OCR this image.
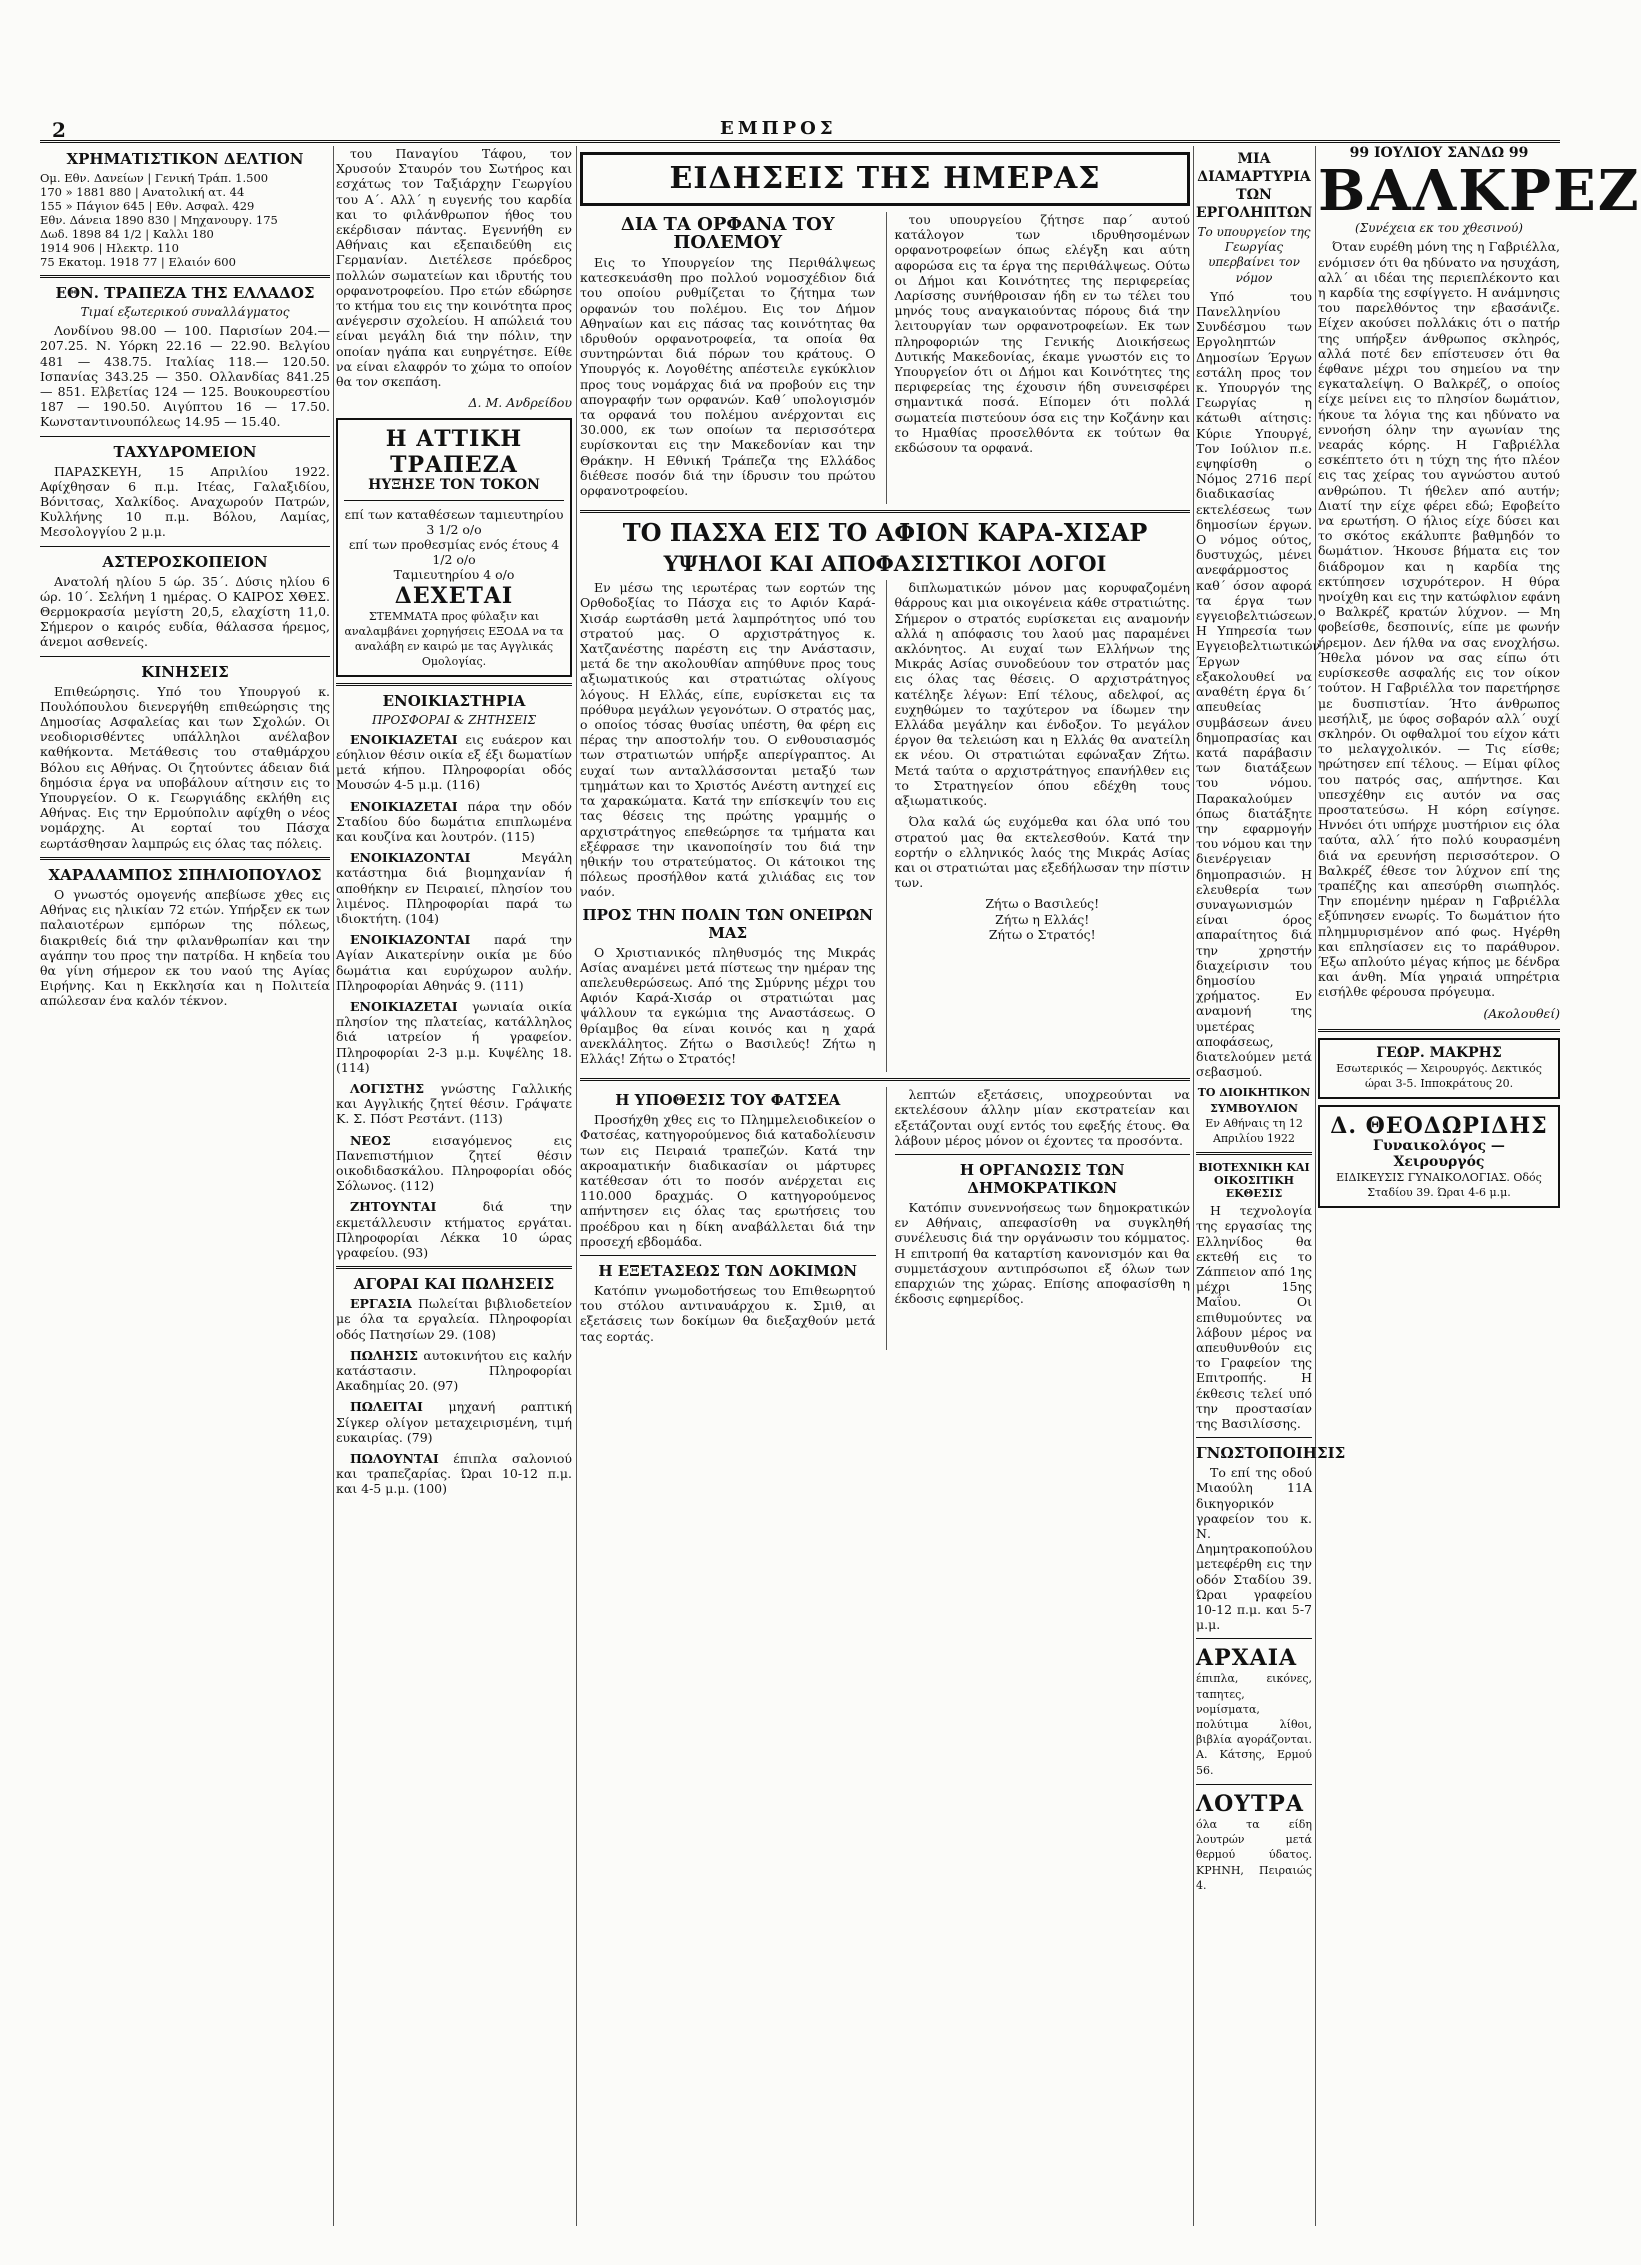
2	ΕΜΠΡΟΣ
ΧΡΗΜΑΤΙΣΤΙΚΟΝ ΔΕΛΤΙΟΝ
Ομ. Εθν. Δανείων | Γενική Τράπ. 1.500
170 » 1881 880 | Ανατολική ατ. 44
155 » Πάγιον 645 | Εθν. Ασφαλ. 429
Εθν. Δάνεια 1890 830 | Μηχανουργ. 175
Δωδ. 1898 84 1/2 | Καλλι 180
1914 906 | Ηλεκτρ. 110
75 Εκατομ. 1918 77 | Ελαιόν 600
ΕΘΝ. ΤΡΑΠΕΖΑ ΤΗΣ ΕΛΛΑΔΟΣ
Τιμαί εξωτερικού συναλλάγματος

Λονδίνου 98.00 — 100. Παρισίων 204.— 207.25. Ν. Υόρκη 22.16 — 22.90. Βελγίου 481 — 438.75. Ιταλίας 118.— 120.50. Ισπανίας 343.25 — 350. Ολλανδίας 841.25 — 851. Ελβετίας 124 — 125. Βουκουρεστίου 187 — 190.50. Αιγύπτου 16 — 17.50. Κωνσταντινουπόλεως 14.95 — 15.40.

ΤΑΧΥΔΡΟΜΕΙΟΝ

ΠΑΡΑΣΚΕΥΗ, 15 Απριλίου 1922. Αφίχθησαν 6 π.μ. Ιτέας, Γαλαξιδίου, Βόνιτσας, Χαλκίδος. Αναχωρούν Πατρών, Κυλλήνης 10 π.μ. Βόλου, Λαμίας, Μεσολογγίου 2 μ.μ.

ΑΣΤΕΡΟΣΚΟΠΕΙΟΝ

Ανατολή ηλίου 5 ώρ. 35΄. Δύσις ηλίου 6 ώρ. 10΄. Σελήνη 1 ημέρας. Ο ΚΑΙΡΟΣ ΧΘΕΣ. Θερμοκρασία μεγίστη 20,5, ελαχίστη 11,0. Σήμερον ο καιρός ευδία, θάλασσα ήρεμος, άνεμοι ασθενείς.

ΚΙΝΗΣΕΙΣ

Επιθεώρησις. Υπό του Υπουργού κ. Πουλόπουλου διενεργήθη επιθεώρησις της Δημοσίας Ασφαλείας και των Σχολών. Οι νεοδιορισθέντες υπάλληλοι ανέλαβον καθήκοντα. Μετάθεσις του σταθμάρχου Βόλου εις Αθήνας. Οι ζητούντες άδειαν διά δημόσια έργα να υποβάλουν αίτησιν εις το Υπουργείον. Ο κ. Γεωργιάδης εκλήθη εις Αθήνας. Εις την Ερμούπολιν αφίχθη ο νέος νομάρχης. Αι εορταί του Πάσχα εωρτάσθησαν λαμπρώς εις όλας τας πόλεις.

ΧΑΡΑΛΑΜΠΟΣ ΣΠΗΛΙΟΠΟΥΛΟΣ

Ο γνωστός ομογενής απεβίωσε χθες εις Αθήνας εις ηλικίαν 72 ετών. Υπήρξεν εκ των παλαιοτέρων εμπόρων της πόλεως, διακριθείς διά την φιλανθρωπίαν και την αγάπην του προς την πατρίδα. Η κηδεία του θα γίνη σήμερον εκ του ναού της Αγίας Ειρήνης. Και η Εκκλησία και η Πολιτεία απώλεσαν ένα καλόν τέκνον.

του Παναγίου Τάφου, τον Χρυσούν Σταυρόν του Σωτήρος και εσχάτως τον Ταξιάρχην Γεωργίου του Α΄. Αλλ΄ η ευγενής του καρδία και το φιλάνθρωπον ήθος του εκέρδισαν πάντας. Εγεννήθη εν Αθήναις και εξεπαιδεύθη εις Γερμανίαν. Διετέλεσε πρόεδρος πολλών σωματείων και ιδρυτής του ορφανοτροφείου. Προ ετών εδώρησε το κτήμα του εις την κοινότητα προς ανέγερσιν σχολείου. Η απώλειά του είναι μεγάλη διά την πόλιν, την οποίαν ηγάπα και ευηργέτησε. Είθε να είναι ελαφρόν το χώμα το οποίον θα τον σκεπάση.

Δ. Μ. Ανδρείδου
Η ΑΤΤΙΚΗ ΤΡΑΠΕΖΑ
ΗΥΞΗΣΕ ΤΟΝ ΤΟΚΟΝ
επί των καταθέσεων ταμιευτηρίου 3 1/2 ο/ο
επί των προθεσμίας ενός έτους 4 1/2 ο/ο
Ταμιευτηρίου 4 ο/ο
ΔΕΧΕΤΑΙ
ΣΤΕΜΜΑΤΑ προς φύλαξιν και αναλαμβάνει χορηγήσεις ΕΞΟΔΑ να τα αναλάβη εν καιρώ με τας Αγγλικάς Ομολογίας.
ΕΝΟΙΚΙΑΣΤΗΡΙΑ
ΠΡΟΣΦΟΡΑΙ & ΖΗΤΗΣΕΙΣ

ΕΝΟΙΚΙΑΖΕΤΑΙ εις ευάερον και εύηλιον θέσιν οικία εξ έξι δωματίων μετά κήπου. Πληροφορίαι οδός Μουσών 4-5 μ.μ. (116)

ΕΝΟΙΚΙΑΖΕΤΑΙ πάρα την οδόν Σταδίου δύο δωμάτια επιπλωμένα και κουζίνα και λουτρόν. (115)

ΕΝΟΙΚΙΑΖΟΝΤΑΙ	Μεγάλη κατάστημα διά βιομηχανίαν ή αποθήκην εν Πειραιεί, πλησίον του λιμένος. Πληροφορίαι παρά τω ιδιοκτήτη. (104)

ΕΝΟΙΚΙΑΖΟΝΤΑΙ παρά την Αγίαν Αικατερίνην οικία με δύο δωμάτια και ευρύχωρον αυλήν. Πληροφορίαι Αθηνάς 9. (111)

ΕΝΟΙΚΙΑΖΕΤΑΙ γωνιαία οικία πλησίον της πλατείας, κατάλληλος διά ιατρείον ή γραφείον. Πληροφορίαι 2-3 μ.μ. Κυψέλης 18. (114)

ΛΟΓΙΣΤΗΣ γνώστης Γαλλικής και Αγγλικής ζητεί θέσιν. Γράψατε Κ. Σ. Πόστ Ρεστάντ. (113)

ΝΕΟΣ	εισαγόμενος εις Πανεπιστήμιον ζητεί θέσιν οικοδιδασκάλου. Πληροφορίαι οδός Σόλωνος. (112)

ΖΗΤΟΥΝΤΑΙ	διά την εκμετάλλευσιν κτήματος εργάται. Πληροφορίαι Λέκκα 10 ώρας γραφείου. (93)

ΑΓΟΡΑΙ ΚΑΙ ΠΩΛΗΣΕΙΣ

ΕΡΓΑΣΙΑ Πωλείται βιβλιοδετείον με όλα τα εργαλεία. Πληροφορίαι οδός Πατησίων 29. (108)

ΠΩΛΗΣΙΣ αυτοκινήτου εις καλήν κατάστασιν. Πληροφορίαι Ακαδημίας 20. (97)

ΠΩΛΕΙΤΑΙ μηχανή ραπτική Σίγκερ ολίγον μεταχειρισμένη, τιμή ευκαιρίας. (79)

ΠΩΛΟΥΝΤΑΙ έπιπλα σαλονιού και τραπεζαρίας. Ώραι 10-12 π.μ. και 4-5 μ.μ. (100)

ΕΙΔΗΣΕΙΣ ΤΗΣ ΗΜΕΡΑΣ
ΔΙΑ ΤΑ ΟΡΦΑΝΑ ΤΟΥ ΠΟΛΕΜΟΥ

Εις το Υπουργείον της Περιθάλψεως κατεσκευάσθη προ πολλού νομοσχέδιον διά του οποίου ρυθμίζεται το ζήτημα των ορφανών του πολέμου. Εις τον Δήμον Αθηναίων και εις πάσας τας κοινότητας θα ιδρυθούν ορφανοτροφεία, τα οποία θα συντηρώνται διά πόρων του κράτους. Ο Υπουργός κ. Λογοθέτης απέστειλε εγκύκλιον προς τους νομάρχας διά να προβούν εις την απογραφήν των ορφανών. Καθ΄ υπολογισμόν τα ορφανά του πολέμου ανέρχονται εις 30.000, εκ των οποίων τα περισσότερα ευρίσκονται εις την Μακεδονίαν και την Θράκην. Η Εθνική Τράπεζα της Ελλάδος διέθεσε ποσόν διά την ίδρυσιν του πρώτου ορφανοτροφείου.

του υπουργείου ζήτησε παρ΄ αυτού κατάλογον των ιδρυθησομένων ορφανοτροφείων όπως ελέγξη και αύτη αφορώσα εις τα έργα της περιθάλψεως. Ούτω οι Δήμοι και Κοινότητες της περιφερείας Λαρίσσης συνήθροισαν ήδη εν τω τέλει του μηνός τους αναγκαιούντας πόρους διά την λειτουργίαν των ορφανοτροφείων. Εκ των πληροφοριών της Γενικής Διοικήσεως Δυτικής Μακεδονίας, έκαμε γνωστόν εις το Υπουργείον ότι οι Δήμοι και Κοινότητες της περιφερείας της έχουσιν ήδη συνεισφέρει σημαντικά ποσά. Είπομεν ότι πολλά σωματεία πιστεύουν όσα εις την Κοζάνην και το Ημαθίας προσελθόντα εκ τούτων θα εκδώσουν τα ορφανά.

ΤΟ ΠΑΣΧΑ ΕΙΣ ΤΟ ΑΦΙΟΝ ΚΑΡΑ-ΧΙΣΑΡ
ΥΨΗΛΟΙ ΚΑΙ ΑΠΟΦΑΣΙΣΤΙΚΟΙ ΛΟΓΟΙ

Εν μέσω της ιερωτέρας των εορτών της Ορθοδοξίας το Πάσχα εις το Αφιόν Καρά-Χισάρ εωρτάσθη μετά λαμπρότητος υπό του στρατού μας. Ο αρχιστράτηγος κ. Χατζανέστης παρέστη εις την Ανάστασιν, μετά δε την ακολουθίαν απηύθυνε προς τους αξιωματικούς και στρατιώτας ολίγους λόγους. Η Ελλάς, είπε, ευρίσκεται εις τα πρόθυρα μεγάλων γεγονότων. Ο στρατός μας, ο οποίος τόσας θυσίας υπέστη, θα φέρη εις πέρας την αποστολήν του. Ο ενθουσιασμός των στρατιωτών υπήρξε απερίγραπτος. Αι ευχαί των ανταλλάσσονται μεταξύ των τμημάτων και το Χριστός Ανέστη αντηχεί εις τα χαρακώματα. Κατά την επίσκεψίν του εις τας θέσεις της πρώτης γραμμής ο αρχιστράτηγος επεθεώρησε τα τμήματα και εξέφρασε την ικανοποίησίν του διά την ηθικήν του στρατεύματος. Οι κάτοικοι της πόλεως προσήλθον κατά χιλιάδας εις τον ναόν.

ΠΡΟΣ ΤΗΝ ΠΟΛΙΝ ΤΩΝ ΟΝΕΙΡΩΝ ΜΑΣ

Ο Χριστιανικός πληθυσμός της Μικράς Ασίας αναμένει μετά πίστεως την ημέραν της απελευθερώσεως. Από της Σμύρνης μέχρι του Αφιόν Καρά-Χισάρ οι στρατιώται μας ψάλλουν τα εγκώμια της Αναστάσεως. Ο θρίαμβος θα είναι κοινός και η χαρά ανεκλάλητος. Ζήτω ο Βασιλεύς! Ζήτω η Ελλάς! Ζήτω ο Στρατός!

διπλωματικών μόνον μας κορυφαζομένη θάρρους και μια οικογένεια κάθε στρατιώτης. Σήμερον ο στρατός ευρίσκεται εις αναμονήν αλλά η απόφασις του λαού μας παραμένει ακλόνητος. Αι ευχαί των Ελλήνων της Μικράς Ασίας συνοδεύουν τον στρατόν μας εις όλας τας θέσεις. Ο αρχιστράτηγος κατέληξε λέγων: Επί τέλους, αδελφοί, ας ευχηθώμεν το ταχύτερον να ίδωμεν την Ελλάδα μεγάλην και ένδοξον. Το μεγάλον έργον θα τελειώση και η Ελλάς θα ανατείλη εκ νέου. Οι στρατιώται εφώναξαν Ζήτω. Μετά ταύτα ο αρχιστράτηγος επανήλθεν εις το Στρατηγείον όπου εδέχθη τους αξιωματικούς.

Όλα καλά ώς ευχόμεθα και όλα υπό του στρατού μας θα εκτελεσθούν. Κατά την εορτήν ο ελληνικός λαός της Μικράς Ασίας και οι στρατιώται μας εξεδήλωσαν την πίστιν των.

Ζήτω ο Βασιλεύς!
Ζήτω η Ελλάς!
Ζήτω ο Στρατός!
Η ΥΠΟΘΕΣΙΣ ΤΟΥ ΦΑΤΣΕΑ

Προσήχθη χθες εις το Πλημμελειοδικείον ο Φατσέας, κατηγορούμενος διά καταδολίευσιν των εις Πειραιά τραπεζών. Κατά την ακροαματικήν διαδικασίαν οι μάρτυρες κατέθεσαν ότι το ποσόν ανέρχεται εις 110.000 δραχμάς. Ο κατηγορούμενος απήντησεν εις όλας τας ερωτήσεις του προέδρου και η δίκη αναβάλλεται διά την προσεχή εβδομάδα.

Η ΕΞΕΤΑΣΕΩΣ ΤΩΝ ΔΟΚΙΜΩΝ

Κατόπιν γνωμοδοτήσεως του Επιθεωρητού του στόλου αντιναυάρχου κ. Σμιθ, αι εξετάσεις των δοκίμων θα διεξαχθούν μετά τας εορτάς.

λεπτών εξετάσεις, υποχρεούνται να εκτελέσουν άλλην μίαν εκστρατείαν και εξετάζονται ουχί εντός του εφεξής έτους. Θα λάβουν μέρος μόνον οι έχοντες τα προσόντα.

Η ΟΡΓΑΝΩΣΙΣ ΤΩΝ ΔΗΜΟΚΡΑΤΙΚΩΝ

Κατόπιν συνεννοήσεως των δημοκρατικών εν Αθήναις, απεφασίσθη να συγκληθή συνέλευσις διά την οργάνωσιν του κόμματος. Η επιτροπή θα καταρτίση κανονισμόν και θα συμμετάσχουν αντιπρόσωποι εξ όλων των επαρχιών της χώρας. Επίσης αποφασίσθη η έκδοσις εφημερίδος.

ΜΙΑ ΔΙΑΜΑΡΤΥΡΙΑ ΤΩΝ ΕΡΓΟΛΗΠΤΩΝ
Το υπουργείον της Γεωργίας υπερβαίνει τον νόμον

Υπό του Πανελληνίου Συνδέσμου των Εργοληπτών Δημοσίων Έργων εστάλη προς τον κ. Υπουργόν της Γεωργίας η κάτωθι αίτησις: Κύριε Υπουργέ, Τον Ιούλιον π.ε. εψηφίσθη ο Νόμος 2716 περί διαδικασίας εκτελέσεως των δημοσίων έργων. Ο νόμος ούτος, δυστυχώς, μένει ανεφάρμοστος καθ΄ όσον αφορά τα έργα των εγγειοβελτιώσεων. Η Υπηρεσία των Εγγειοβελτιωτικών Έργων εξακολουθεί να αναθέτη έργα δι΄ απευθείας συμβάσεων άνευ δημοπρασίας και κατά παράβασιν των διατάξεων του νόμου. Παρακαλούμεν όπως διατάξητε την εφαρμογήν του νόμου και την διενέργειαν δημοπρασιών. Η ελευθερία των συναγωνισμών είναι όρος απαραίτητος διά την χρηστήν διαχείρισιν του δημοσίου χρήματος. Εν αναμονή της υμετέρας αποφάσεως, διατελούμεν μετά σεβασμού.

ΤΟ ΔΙΟΙΚΗΤΙΚΟΝ ΣΥΜΒΟΥΛΙΟΝ
Εν Αθήναις τη 12 Απριλίου 1922
ΒΙΟΤΕΧΝΙΚΗ ΚΑΙ ΟΙΚΟΣΙΤΙΚΗ ΕΚΘΕΣΙΣ

Η τεχνολογία της εργασίας της Ελληνίδος θα εκτεθή εις το Ζάππειον από 1ης μέχρι 15ης Μαΐου. Οι επιθυμούντες να λάβουν μέρος να απευθυνθούν εις το Γραφείον της Επιτροπής. Η έκθεσις τελεί υπό την προστασίαν της Βασιλίσσης.

ΓΝΩΣΤΟΠΟΙΗΣΙΣ

Το επί της οδού Μιαούλη 11Α δικηγορικόν γραφείον του κ. Ν. Δημητρακοπούλου μετεφέρθη εις την οδόν Σταδίου 39. Ώραι γραφείου 10-12 π.μ. και 5-7 μ.μ.

ΑΡΧΑΙΑ
έπιπλα, εικόνες, ταπητες, νομίσματα, πολύτιμα λίθοι, βιβλία αγοράζονται. Α. Κάτσης, Ερμού 56.
ΛΟΥΤΡΑ
όλα τα είδη λουτρών μετά θερμού ύδατος. ΚΡΗΝΗ, Πειραιώς 4.
99 ΙΟΥΛΙΟΥ ΣΑΝΔΩ 99
ΒΑΛΚΡΕΖ
(Συνέχεια εκ του χθεσινού)

Όταν ευρέθη μόνη της η Γαβριέλλα, ενόμισεν ότι θα ηδύνατο να ησυχάση, αλλ΄ αι ιδέαι της περιεπλέκοντο και η καρδία της εσφίγγετο. Η ανάμνησις του παρελθόντος την εβασάνιζε. Είχεν ακούσει πολλάκις ότι ο πατήρ της υπήρξεν άνθρωπος σκληρός, αλλά ποτέ δεν επίστευσεν ότι θα έφθανε μέχρι του σημείου να την εγκαταλείψη. Ο Βαλκρέζ, ο οποίος είχε μείνει εις το πλησίον δωμάτιον, ήκουε τα λόγια της και ηδύνατο να εννοήση όλην την αγωνίαν της νεαράς κόρης. Η Γαβριέλλα εσκέπτετο ότι η τύχη της ήτο πλέον εις τας χείρας του αγνώστου αυτού ανθρώπου. Τι ήθελεν από αυτήν; Διατί την είχε φέρει εδώ; Εφοβείτο να ερωτήση. Ο ήλιος είχε δύσει και το σκότος εκάλυπτε βαθμηδόν το δωμάτιον. Ήκουσε βήματα εις τον διάδρομον και η καρδία της εκτύπησεν ισχυρότερον. Η θύρα ηνοίχθη και εις την κατώφλιον εφάνη ο Βαλκρέζ κρατών λύχνον. — Μη φοβείσθε, δεσποινίς, είπε με φωνήν ήρεμον. Δεν ήλθα να σας ενοχλήσω. Ήθελα μόνον να σας είπω ότι ευρίσκεσθε ασφαλής εις τον οίκον τούτον. Η Γαβριέλλα τον παρετήρησε με δυσπιστίαν. Ήτο άνθρωπος μεσήλιξ, με ύφος σοβαρόν αλλ΄ ουχί σκληρόν. Οι οφθαλμοί του είχον κάτι το μελαγχολικόν. — Τις είσθε; ηρώτησεν επί τέλους. — Είμαι φίλος του πατρός σας, απήντησε. Και υπεσχέθην εις αυτόν να σας προστατεύσω. Η κόρη εσίγησε. Ηννόει ότι υπήρχε μυστήριον εις όλα ταύτα, αλλ΄ ήτο πολύ κουρασμένη διά να ερευνήση περισσότερον. Ο Βαλκρέζ έθεσε τον λύχνον επί της τραπέζης και απεσύρθη σιωπηλός. Την επομένην ημέραν η Γαβριέλλα εξύπνησεν ενωρίς. Το δωμάτιον ήτο πλημμυρισμένον από φως. Ηγέρθη και επλησίασεν εις το παράθυρον. Έξω απλούτο μέγας κήπος με δένδρα και άνθη. Μία γηραιά υπηρέτρια εισήλθε φέρουσα πρόγευμα.

(Ακολουθεί)
ΓΕΩΡ. ΜΑΚΡΗΣ
Εσωτερικός — Χειρουργός. Δεκτικός ώραι 3-5. Ιπποκράτους 20.
Δ. ΘΕΟΔΩΡΙΔΗΣ
Γυναικολόγος — Χειρουργός
ΕΙΔΙΚΕΥΣΙΣ ΓΥΝΑΙΚΟΛΟΓΙΑΣ. Οδός Σταδίου 39. Ώραι 4-6 μ.μ.
